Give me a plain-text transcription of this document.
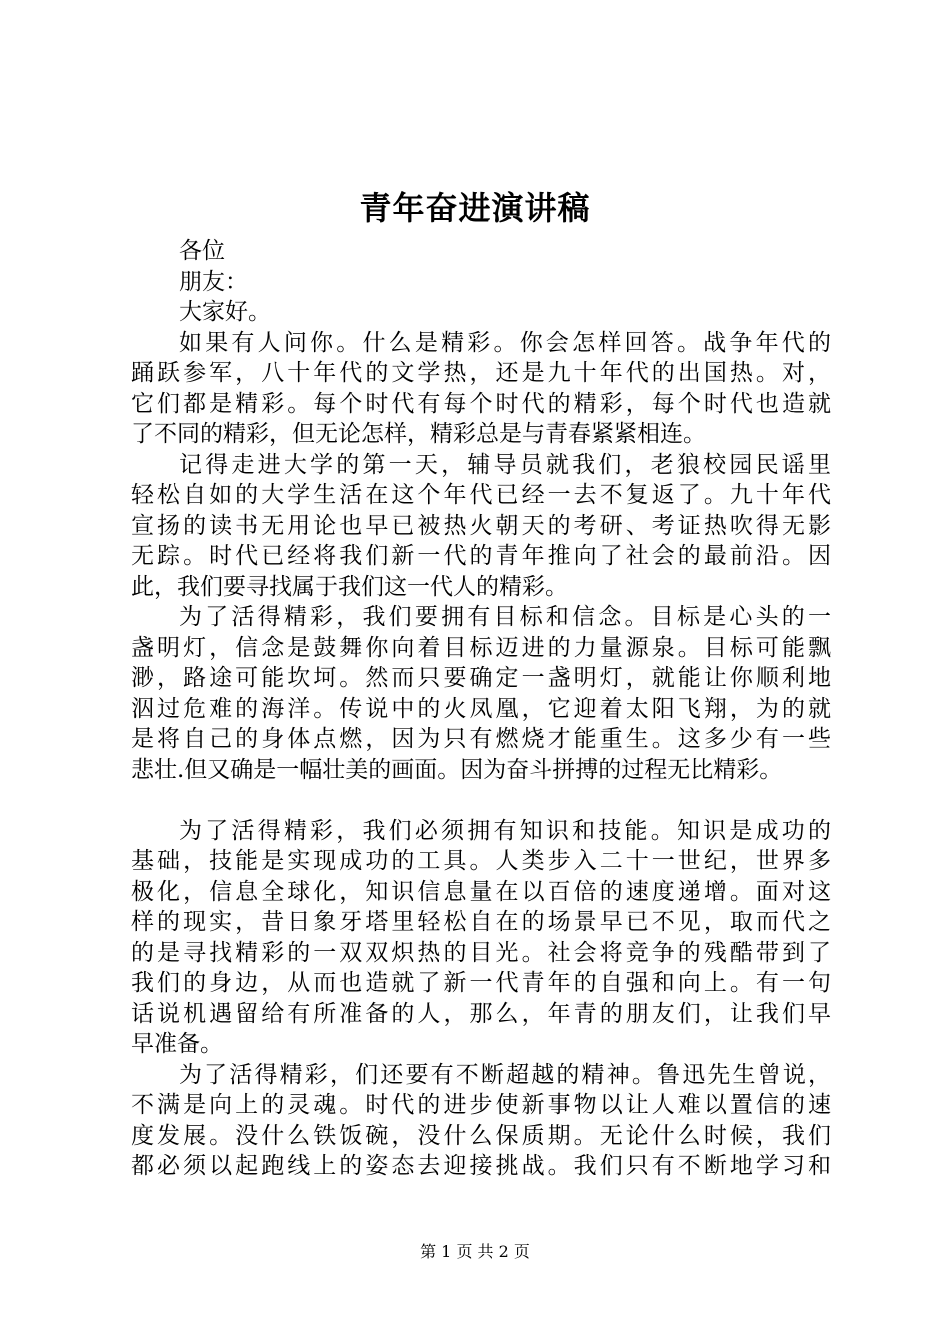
青年奋进演讲稿
各位
朋友：
大家好。
如果有人问你。什么是精彩。你会怎样回答。战争年代的
踊跃参军，八十年代的文学热，还是九十年代的出国热。对，
它们都是精彩。每个时代有每个时代的精彩，每个时代也造就
了不同的精彩，但无论怎样，精彩总是与青春紧紧相连。
记得走进大学的第一天，辅导员就我们，老狼校园民谣里
轻松自如的大学生活在这个年代已经一去不复返了。九十年代
宣扬的读书无用论也早已被热火朝天的考研、考证热吹得无影
无踪。时代已经将我们新一代的青年推向了社会的最前沿。因
此，我们要寻找属于我们这一代人的精彩。
为了活得精彩，我们要拥有目标和信念。目标是心头的一
盏明灯，信念是鼓舞你向着目标迈进的力量源泉。目标可能飘
渺，路途可能坎坷。然而只要确定一盏明灯，就能让你顺利地
泅过危难的海洋。传说中的火凤凰，它迎着太阳飞翔，为的就
是将自己的身体点燃，因为只有燃烧才能重生。这多少有一些
悲壮.但又确是一幅壮美的画面。因为奋斗拼搏的过程无比精彩。
为了活得精彩，我们必须拥有知识和技能。知识是成功的
基础，技能是实现成功的工具。人类步入二十一世纪，世界多
极化，信息全球化，知识信息量在以百倍的速度递增。面对这
样的现实，昔日象牙塔里轻松自在的场景早已不见，取而代之
的是寻找精彩的一双双炽热的目光。社会将竞争的残酷带到了
我们的身边，从而也造就了新一代青年的自强和向上。有一句
话说机遇留给有所准备的人，那么，年青的朋友们，让我们早
早准备。
为了活得精彩，们还要有不断超越的精神。鲁迅先生曾说，
不满是向上的灵魂。时代的进步使新事物以让人难以置信的速
度发展。没什么铁饭碗，没什么保质期。无论什么时候，我们
都必须以起跑线上的姿态去迎接挑战。我们只有不断地学习和
第 1 页 共 2 页
